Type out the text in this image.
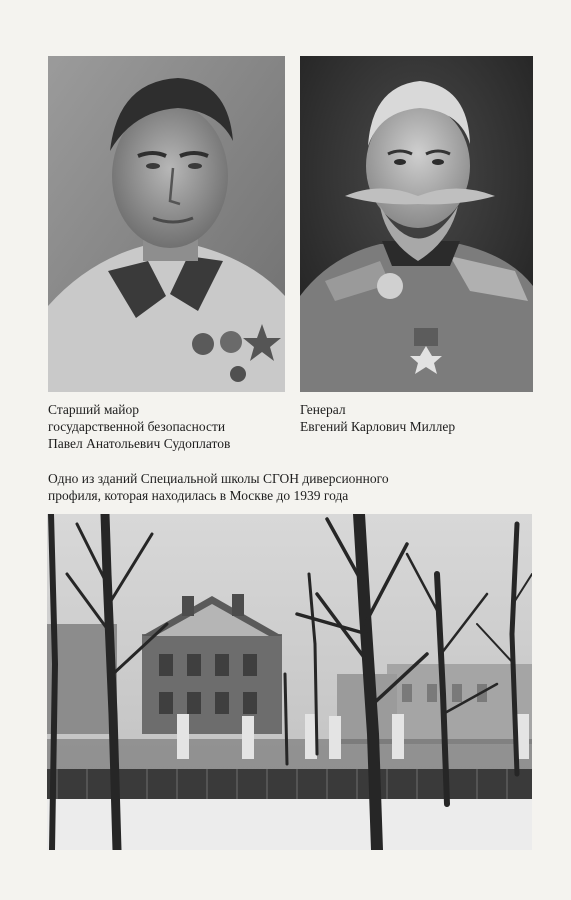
Старший майор
государственной безопасности
Павел Анатольевич Судоплатов
Генерал
Евгений Карлович Миллер
Одно из зданий Специальной школы СГОН диверсионного
профиля, которая находилась в Москве до 1939 года
